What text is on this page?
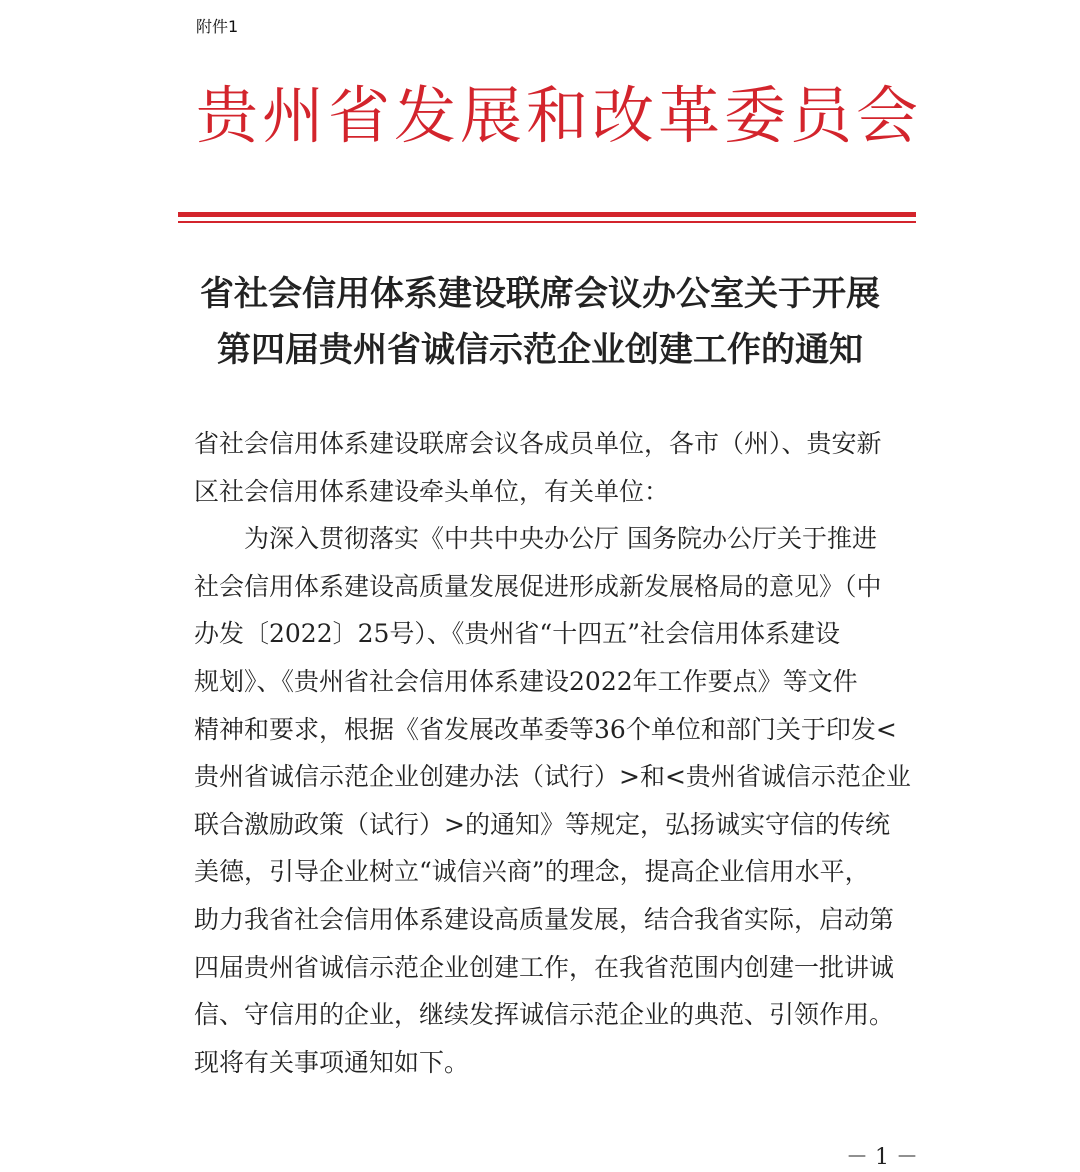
附件1
贵州省发展和改革委员会
省社会信用体系建设联席会议办公室关于开展
第四届贵州省诚信示范企业创建工作的通知
省社会信用体系建设联席会议各成员单位，各市（州）、贵安新
区社会信用体系建设牵头单位，有关单位：
　　为深入贯彻落实《中共中央办公厅 国务院办公厅关于推进
社会信用体系建设高质量发展促进形成新发展格局的意见》（中
办发〔2022〕25号）、《贵州省“十四五”社会信用体系建设
规划》、《贵州省社会信用体系建设2022年工作要点》等文件
精神和要求，根据《省发展改革委等36个单位和部门关于印发<
贵州省诚信示范企业创建办法（试行）>和<贵州省诚信示范企业
联合激励政策（试行）>的通知》等规定，弘扬诚实守信的传统
美德，引导企业树立“诚信兴商”的理念，提高企业信用水平，
助力我省社会信用体系建设高质量发展，结合我省实际，启动第
四届贵州省诚信示范企业创建工作，在我省范围内创建一批讲诚
信、守信用的企业，继续发挥诚信示范企业的典范、引领作用。
现将有关事项通知如下。
－ 1 －
